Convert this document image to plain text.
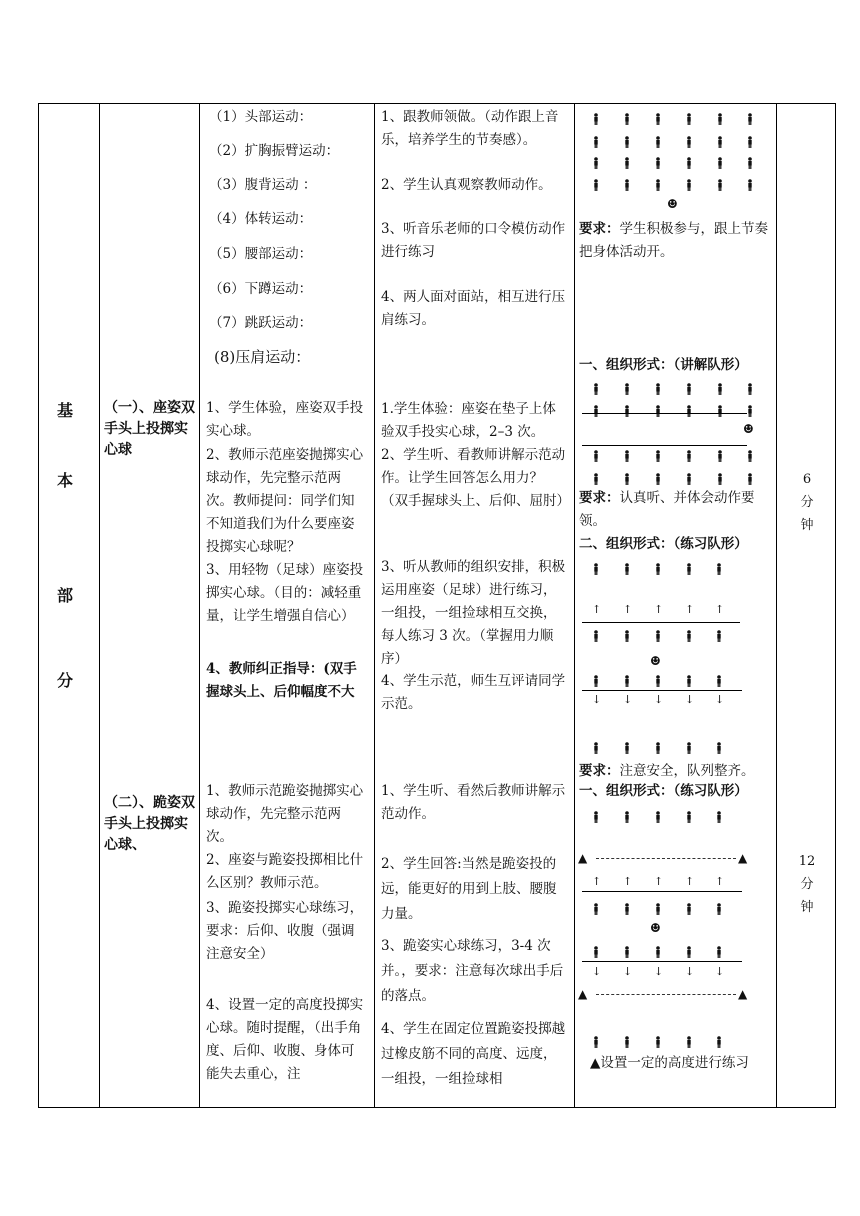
基
本
部
分
（一）、座姿双手头上投掷实心球
（二）、跪姿双手头上投掷实心球、
（1）头部运动：
（2）扩胸振臂运动：
（3）腹背运动 ：
（4）体转运动：
（5）腰部运动：
（6）下蹲运动：
（7）跳跃运动：
(8)压肩运动：
1、学生体验，座姿双手投实心球。
2、教师示范座姿抛掷实心球动作，先完整示范两次。教师提问：同学们知不知道我们为什么要座姿投掷实心球呢？
3、用轻物（足球）座姿投掷实心球。（目的：减轻重量，让学生增强自信心）
4、教师纠正指导：(双手握球头上、后仰幅度不大
1、教师示范跪姿抛掷实心球动作，先完整示范两次。
2、座姿与跪姿投掷相比什么区别？教师示范。
3、跪姿投掷实心球练习，要求：后仰、收腹（强调注意安全）
4、设置一定的高度投掷实心球。随时提醒，（出手角度、后仰、收腹、身体可能失去重心，注
1、跟教师领做。（动作跟上音乐，培养学生的节奏感）。
2、学生认真观察教师动作。
3、听音乐老师的口令模仿动作进行练习
4、两人面对面站，相互进行压肩练习。
1.学生体验：座姿在垫子上体验双手投实心球，2–3 次。
2、学生听、看教师讲解示范动作。让学生回答怎么用力？（双手握球头上、后仰、屈肘）
3、听从教师的组织安排，积极运用座姿（足球）进行练习，一组投，一组捡球相互交换，每人练习 3 次。（掌握用力顺序）
4、学生示范，师生互评请同学示范。
1、学生听、看然后教师讲解示范动作。
2、学生回答:当然是跪姿投的远，能更好的用到上肢、腰腹力量。
3、跪姿实心球练习，3-4 次并。，要求：注意每次球出手后的落点。
4、学生在固定位置跪姿投掷越过橡皮筋不同的高度、远度，一组投，一组捡球相
要求：学生积极参与，跟上节奏把身体活动开。
一、组织形式：（讲解队形）
要求：认真听、并体会动作要领。
二、组织形式：（练习队形）
要求：注意安全，队列整齐。
一、组织形式：（练习队形）
▲设置一定的高度进行练习
6
分
钟
12
分
钟
☻
☻
↑ ↑ ↑ ↑ ↑
☻
↓ ↓ ↓ ↓ ↓
▲	▲
↑ ↑ ↑ ↑ ↑
☻
↓ ↓ ↓ ↓ ↓
▲	▲
